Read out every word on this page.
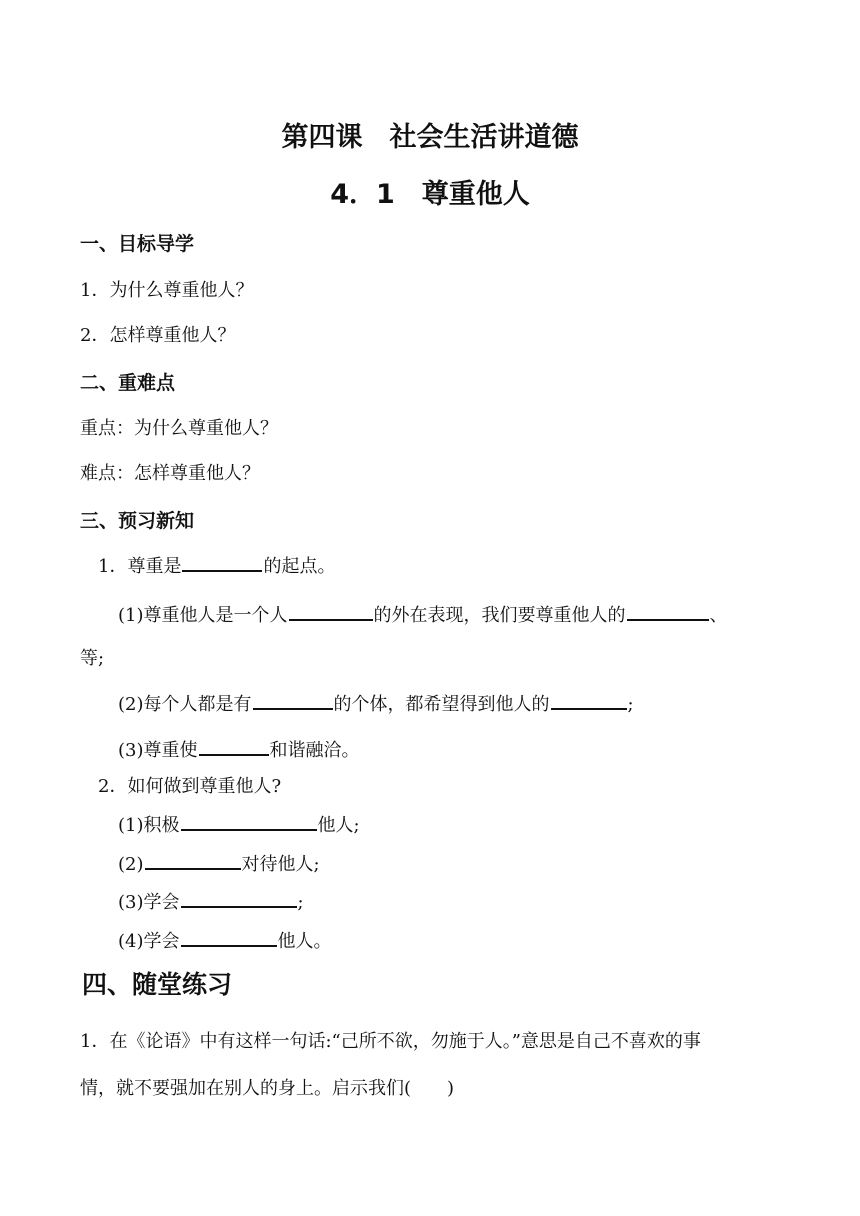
第四课　社会生活讲道德
4．1　尊重他人
一、目标导学
1．为什么尊重他人？
2．怎样尊重他人？
二、重难点
重点：为什么尊重他人？
难点：怎样尊重他人？
三、预习新知
1．尊重是	的起点。
(1)尊重他人是一个人	的外在表现，我们要尊重他人的	、
等;
(2)每个人都是有	的个体，都希望得到他人的	;
(3)尊重使	和谐融洽。
2．如何做到尊重他人?
(1)积极	他人;
(2)	对待他人;
(3)学会	;
(4)学会	他人。
四、随堂练习
1．在《论语》中有这样一句话:“己所不欲，勿施于人。”意思是自己不喜欢的事
情，就不要强加在别人的身上。启示我们(　　)
